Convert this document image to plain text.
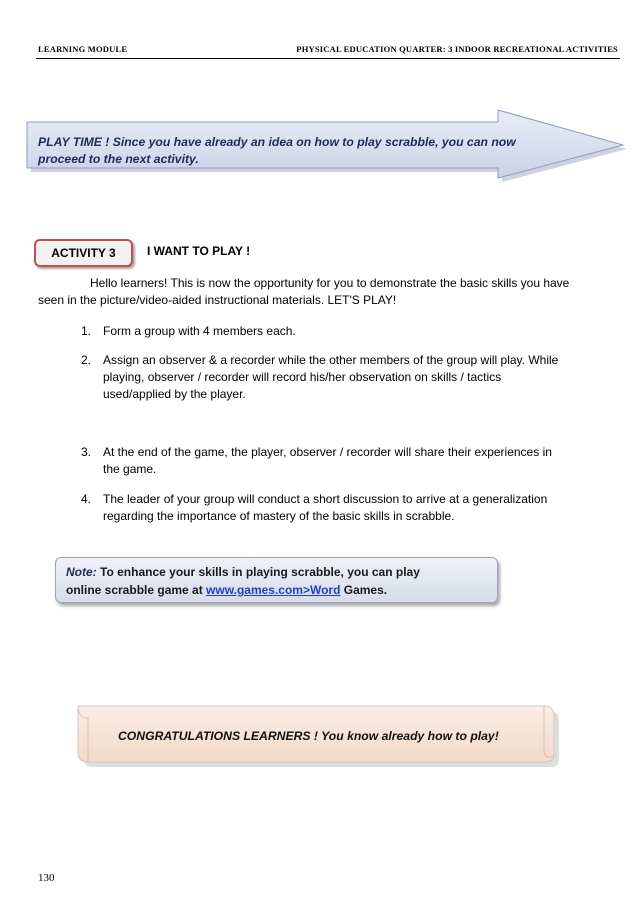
LEARNING MODULE	PHYSICAL EDUCATION QUARTER: 3 INDOOR RECREATIONAL ACTIVITIES
PLAY TIME ! Since you have already an idea on how to play scrabble, you can now
proceed to the next activity.
ACTIVITY 3	I WANT TO PLAY !

Hello learners! This is now the opportunity for you to demonstrate the basic skills you have

seen in the picture/video-aided instructional materials. LET'S PLAY!
1. Form a group with 4 members each.
2. Assign an observer & a recorder while the other members of the group will play. While
playing, observer / recorder will record his/her observation on skills / tactics
used/applied by the player.
3. At the end of the game, the player, observer / recorder will share their experiences in
the game.
4. The leader of your group will conduct a short discussion to arrive at a generalization
regarding the importance of mastery of the basic skills in scrabble.
Note: To enhance your skills in playing scrabble, you can play
online scrabble game at www.games.com>Word Games.
CONGRATULATIONS LEARNERS ! You know already how to play!
130
